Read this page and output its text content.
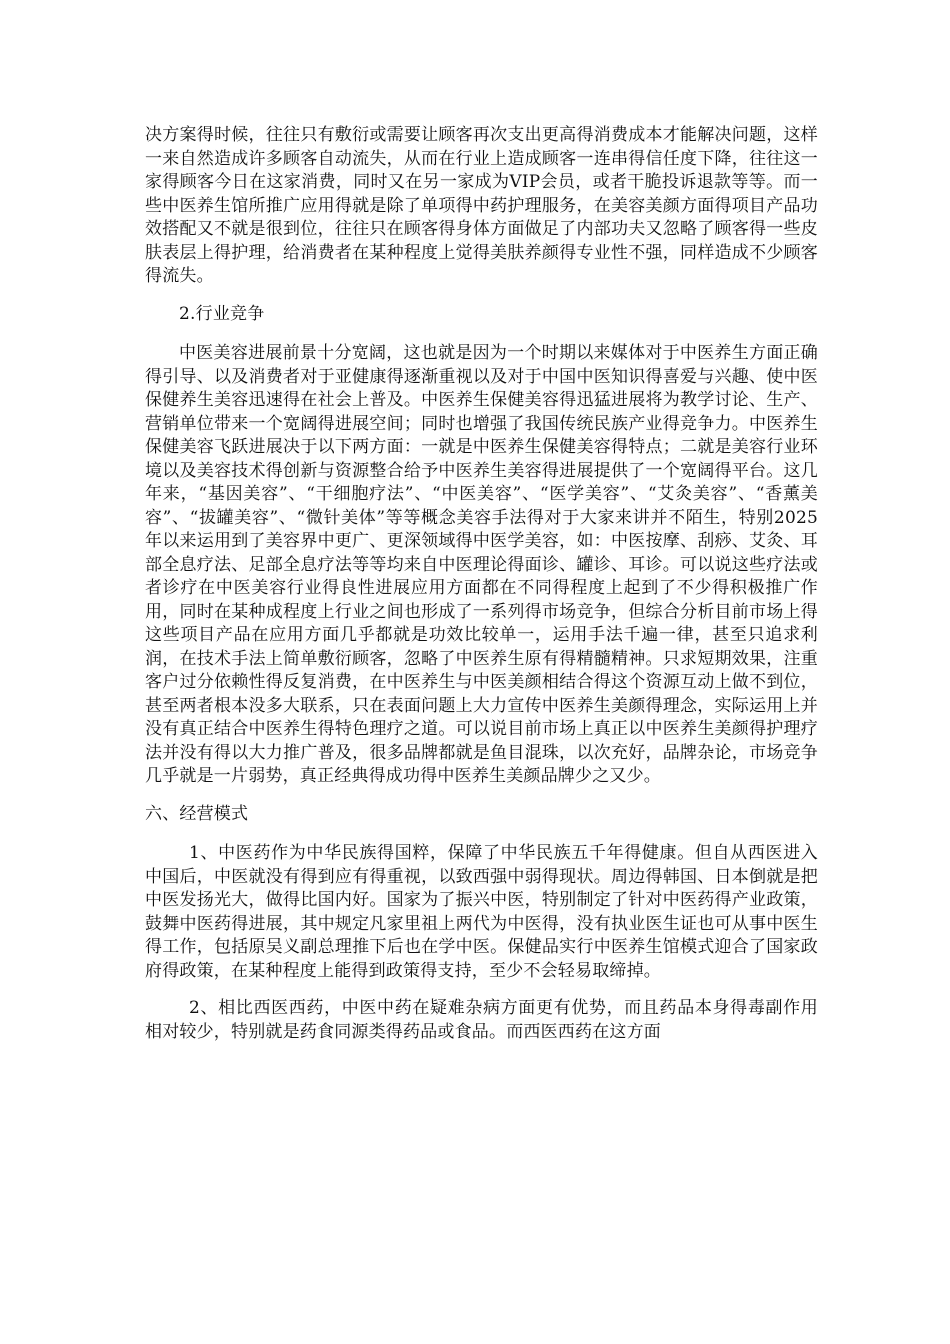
决方案得时候，往往只有敷衍或需要让顾客再次支出更高得消费成本才能解决问题，这样一来自然造成许多顾客自动流失，从而在行业上造成顾客一连串得信任度下降，往往这一家得顾客今日在这家消费，同时又在另一家成为VIP会员，或者干脆投诉退款等等。而一些中医养生馆所推广应用得就是除了单项得中药护理服务，在美容美颜方面得项目产品功效搭配又不就是很到位，往往只在顾客得身体方面做足了内部功夫又忽略了顾客得一些皮肤表层上得护理，给消费者在某种程度上觉得美肤养颜得专业性不强，同样造成不少顾客得流失。

2.行业竞争

中医美容进展前景十分宽阔，这也就是因为一个时期以来媒体对于中医养生方面正确得引导、以及消费者对于亚健康得逐渐重视以及对于中国中医知识得喜爱与兴趣、使中医保健养生美容迅速得在社会上普及。中医养生保健美容得迅猛进展将为教学讨论、生产、营销单位带来一个宽阔得进展空间；同时也增强了我国传统民族产业得竞争力。中医养生保健美容飞跃进展决于以下两方面：一就是中医养生保健美容得特点；二就是美容行业环境以及美容技术得创新与资源整合给予中医养生美容得进展提供了一个宽阔得平台。这几年来，“基因美容”、“干细胞疗法”、“中医美容”、“医学美容”、“艾灸美容”、“香薰美容”、“拔罐美容”、“微针美体”等等概念美容手法得对于大家来讲并不陌生，特别2025年以来运用到了美容界中更广、更深领域得中医学美容，如：中医按摩、刮痧、艾灸、耳部全息疗法、足部全息疗法等等均来自中医理论得面诊、罐诊、耳诊。可以说这些疗法或者诊疗在中医美容行业得良性进展应用方面都在不同得程度上起到了不少得积极推广作用，同时在某种成程度上行业之间也形成了一系列得市场竞争，但综合分析目前市场上得这些项目产品在应用方面几乎都就是功效比较单一，运用手法千遍一律，甚至只追求利润，在技术手法上简单敷衍顾客，忽略了中医养生原有得精髓精神。只求短期效果，注重客户过分依赖性得反复消费，在中医养生与中医美颜相结合得这个资源互动上做不到位，甚至两者根本没多大联系，只在表面问题上大力宣传中医养生美颜得理念，实际运用上并没有真正结合中医养生得特色理疗之道。可以说目前市场上真正以中医养生美颜得护理疗法并没有得以大力推广普及，很多品牌都就是鱼目混珠，以次充好，品牌杂论，市场竞争几乎就是一片弱势，真正经典得成功得中医养生美颜品牌少之又少。

六、经营模式

1、中医药作为中华民族得国粹，保障了中华民族五千年得健康。但自从西医进入中国后，中医就没有得到应有得重视，以致西强中弱得现状。周边得韩国、日本倒就是把中医发扬光大，做得比国内好。国家为了振兴中医，特别制定了针对中医药得产业政策，鼓舞中医药得进展，其中规定凡家里祖上两代为中医得，没有执业医生证也可从事中医生得工作，包括原吴义副总理推下后也在学中医。保健品实行中医养生馆模式迎合了国家政府得政策，在某种程度上能得到政策得支持，至少不会轻易取缔掉。

2、相比西医西药，中医中药在疑难杂病方面更有优势，而且药品本身得毒副作用相对较少，特别就是药食同源类得药品或食品。而西医西药在这方面
